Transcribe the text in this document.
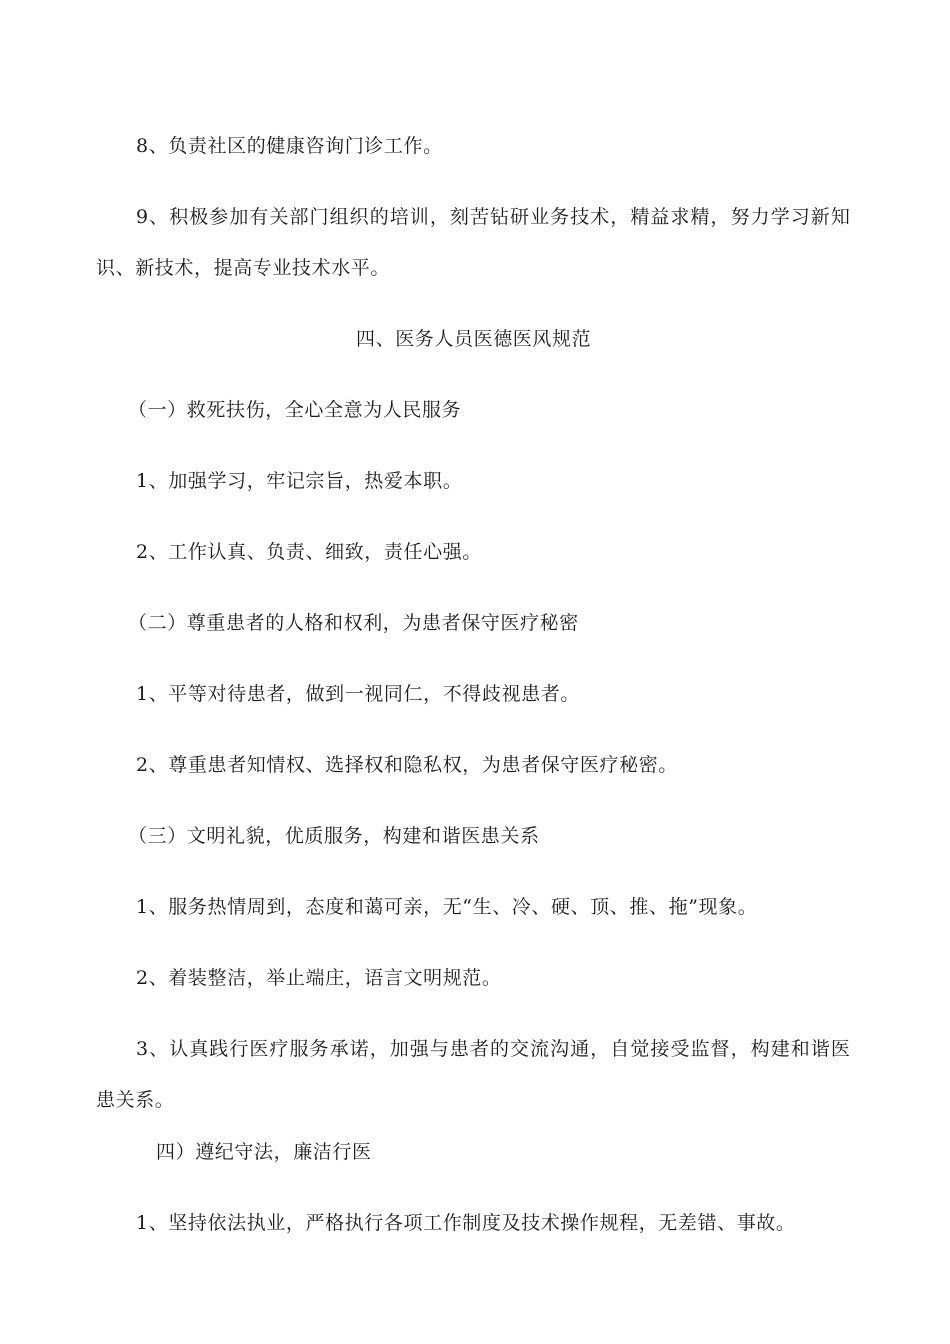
8、负责社区的健康咨询门诊工作。
9、积极参加有关部门组织的培训，刻苦钻研业务技术，精益求精，努力学习新知
识、新技术，提高专业技术水平。
四、医务人员医德医风规范
（一）救死扶伤，全心全意为人民服务
1、加强学习，牢记宗旨，热爱本职。
2、工作认真、负责、细致，责任心强。
（二）尊重患者的人格和权利，为患者保守医疗秘密
1、平等对待患者，做到一视同仁，不得歧视患者。
2、尊重患者知情权、选择权和隐私权，为患者保守医疗秘密。
（三）文明礼貌，优质服务，构建和谐医患关系
1、服务热情周到，态度和蔼可亲，无“生、冷、硬、顶、推、拖”现象。
2、着装整洁，举止端庄，语言文明规范。
3、认真践行医疗服务承诺，加强与患者的交流沟通，自觉接受监督，构建和谐医
患关系。
四）遵纪守法，廉洁行医
1、坚持依法执业，严格执行各项工作制度及技术操作规程，无差错、事故。
